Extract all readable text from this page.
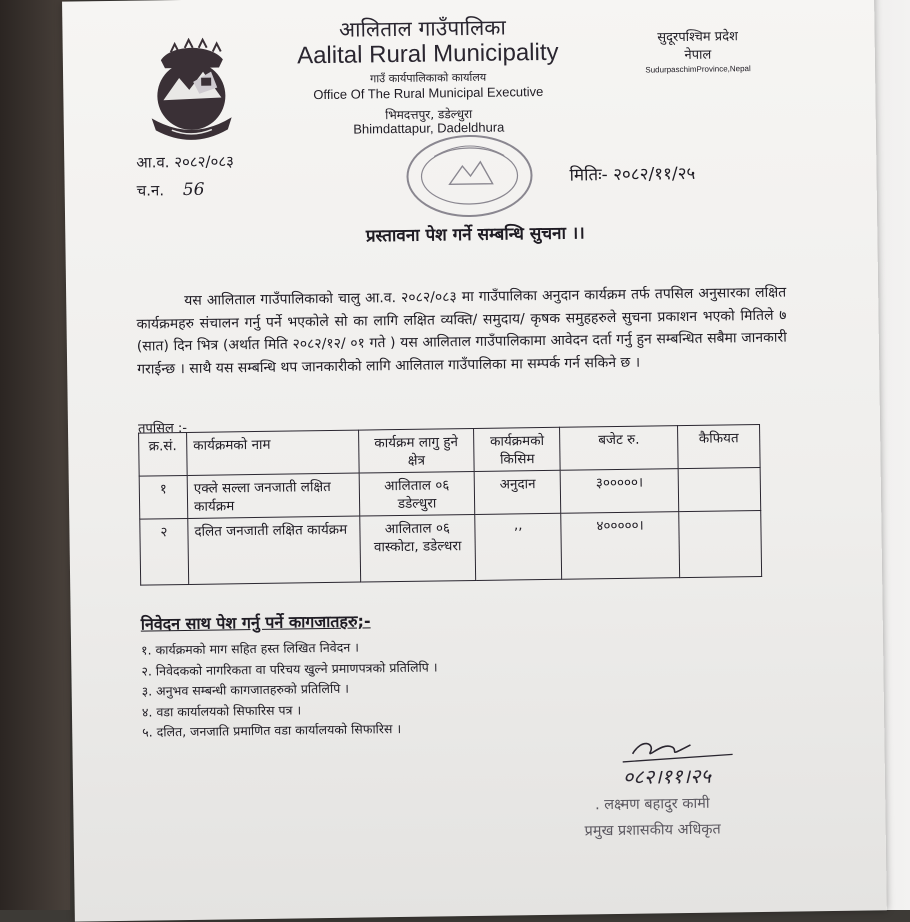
आलिताल गाउँपालिका
Aalital Rural Municipality
गाउँ कार्यपालिकाको कार्यालय
Office Of The Rural Municipal Executive
भिमदत्तपुर, डडेल्धुरा
Bhimdattapur, Dadeldhura
सुदूरपश्चिम प्रदेश
नेपाल
SudurpaschimProvince,Nepal
आ.व. २०८२/०८३
च.न. 56
मितिः- २०८२/११/२५
प्रस्तावना पेश गर्ने सम्बन्धि सुचना ।।
यस आलिताल गाउँपालिकाको चालु आ.व. २०८२/०८३ मा गाउँपालिका अनुदान कार्यक्रम तर्फ तपसिल अनुसारका लक्षित कार्यक्रमहरु संचालन गर्नु पर्ने भएकोले सो का लागि लक्षित व्यक्ति/ समुदाय/ कृषक समुहहरुले सुचना प्रकाशन भएको मितिले ७ (सात) दिन भित्र (अर्थात मिति २०८२/१२/ ०१ गते ) यस आलिताल गाउँपालिकामा आवेदन दर्ता गर्नु हुन सम्बन्धित सबैमा जानकारी गराईन्छ । साथै यस सम्बन्धि थप जानकारीको लागि आलिताल गाउँपालिका मा सम्पर्क गर्न सकिने छ ।
तपसिल :-
क्र.सं.	कार्यक्रमको नाम	कार्यक्रम लागु हुने क्षेत्र	कार्यक्रमको किसिम	बजेट रु.	कैफियत
१	एक्ले सल्ला जनजाती लक्षित कार्यक्रम	आलिताल ०६ डडेल्धुरा	अनुदान	३०००००।	
२	दलित जनजाती लक्षित कार्यक्रम	आलिताल ०६ वास्कोटा, डडेल्धरा	,,	४०००००।	
निवेदन साथ पेश गर्नु पर्ने कागजातहरु;-
१. कार्यक्रमको माग सहित हस्त लिखित निवेदन ।
२. निवेदकको नागरिकता वा परिचय खुल्ने प्रमाणपत्रको प्रतिलिपि ।
३. अनुभव सम्बन्धी कागजातहरुको प्रतिलिपि ।
४. वडा कार्यालयको सिफारिस पत्र ।
५. दलित, जनजाति प्रमाणित वडा कार्यालयको सिफारिस ।
०८२।११।२५
. लक्ष्मण बहादुर कामी
प्रमुख प्रशासकीय अधिकृत
